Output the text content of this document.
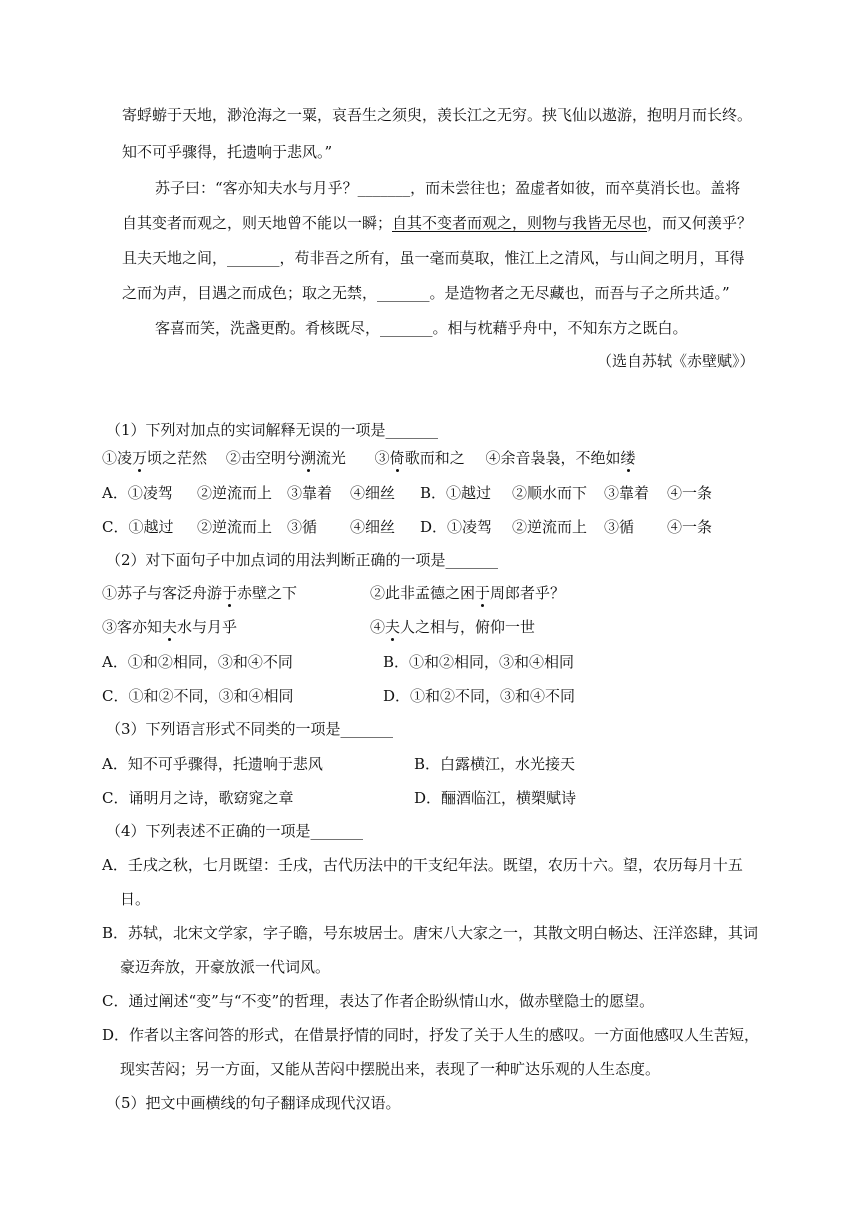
寄蜉蝣于天地，渺沧海之一粟，哀吾生之须臾，羡长江之无穷。挟飞仙以遨游，抱明月而长终。
知不可乎骤得，托遗响于悲风。”
苏子曰：“客亦知夫水与月乎？_______，而未尝往也；盈虚者如彼，而卒莫消长也。盖将
自其变者而观之，则天地曾不能以一瞬；自其不变者而观之，则物与我皆无尽也，而又何羡乎？
且夫天地之间，_______，苟非吾之所有，虽一毫而莫取，惟江上之清风，与山间之明月，耳得
之而为声，目遇之而成色；取之无禁，_______。是造物者之无尽藏也，而吾与子之所共适。”
客喜而笑，洗盏更酌。肴核既尽，_______。相与枕藉乎舟中，不知东方之既白。
（选自苏轼《赤壁赋》）
（1）下列对加点的实词解释无误的一项是_______
①凌万顷之茫然 ②击空明兮溯流光 ③倚歌而和之 ④余音袅袅，不绝如缕
A．①凌驾 ②逆流而上 ③靠着 ④细丝 B．①越过 ②顺水而下 ③靠着 ④一条
C．①越过 ②逆流而上 ③循 ④细丝 D．①凌驾 ②逆流而上 ③循 ④一条
（2）对下面句子中加点词的用法判断正确的一项是_______
①苏子与客泛舟游于赤壁之下	②此非孟德之困于周郎者乎？
③客亦知夫水与月乎	④夫人之相与，俯仰一世
A．①和②相同，③和④不同	B．①和②相同，③和④相同
C．①和②不同，③和④相同	D．①和②不同，③和④不同
（3）下列语言形式不同类的一项是_______
A．知不可乎骤得，托遗响于悲风	B．白露横江，水光接天
C．诵明月之诗，歌窈窕之章	D．酾酒临江，横槊赋诗
（4）下列表述不正确的一项是_______
A．壬戌之秋，七月既望：壬戌，古代历法中的干支纪年法。既望，农历十六。望，农历每月十五
日。
B．苏轼，北宋文学家，字子瞻，号东坡居士。唐宋八大家之一，其散文明白畅达、汪洋恣肆，其词
豪迈奔放，开豪放派一代词风。
C．通过阐述“变”与“不变”的哲理，表达了作者企盼纵情山水，做赤壁隐士的愿望。
D．作者以主客问答的形式，在借景抒情的同时，抒发了关于人生的感叹。一方面他感叹人生苦短，
现实苦闷；另一方面，又能从苦闷中摆脱出来，表现了一种旷达乐观的人生态度。
（5）把文中画横线的句子翻译成现代汉语。
